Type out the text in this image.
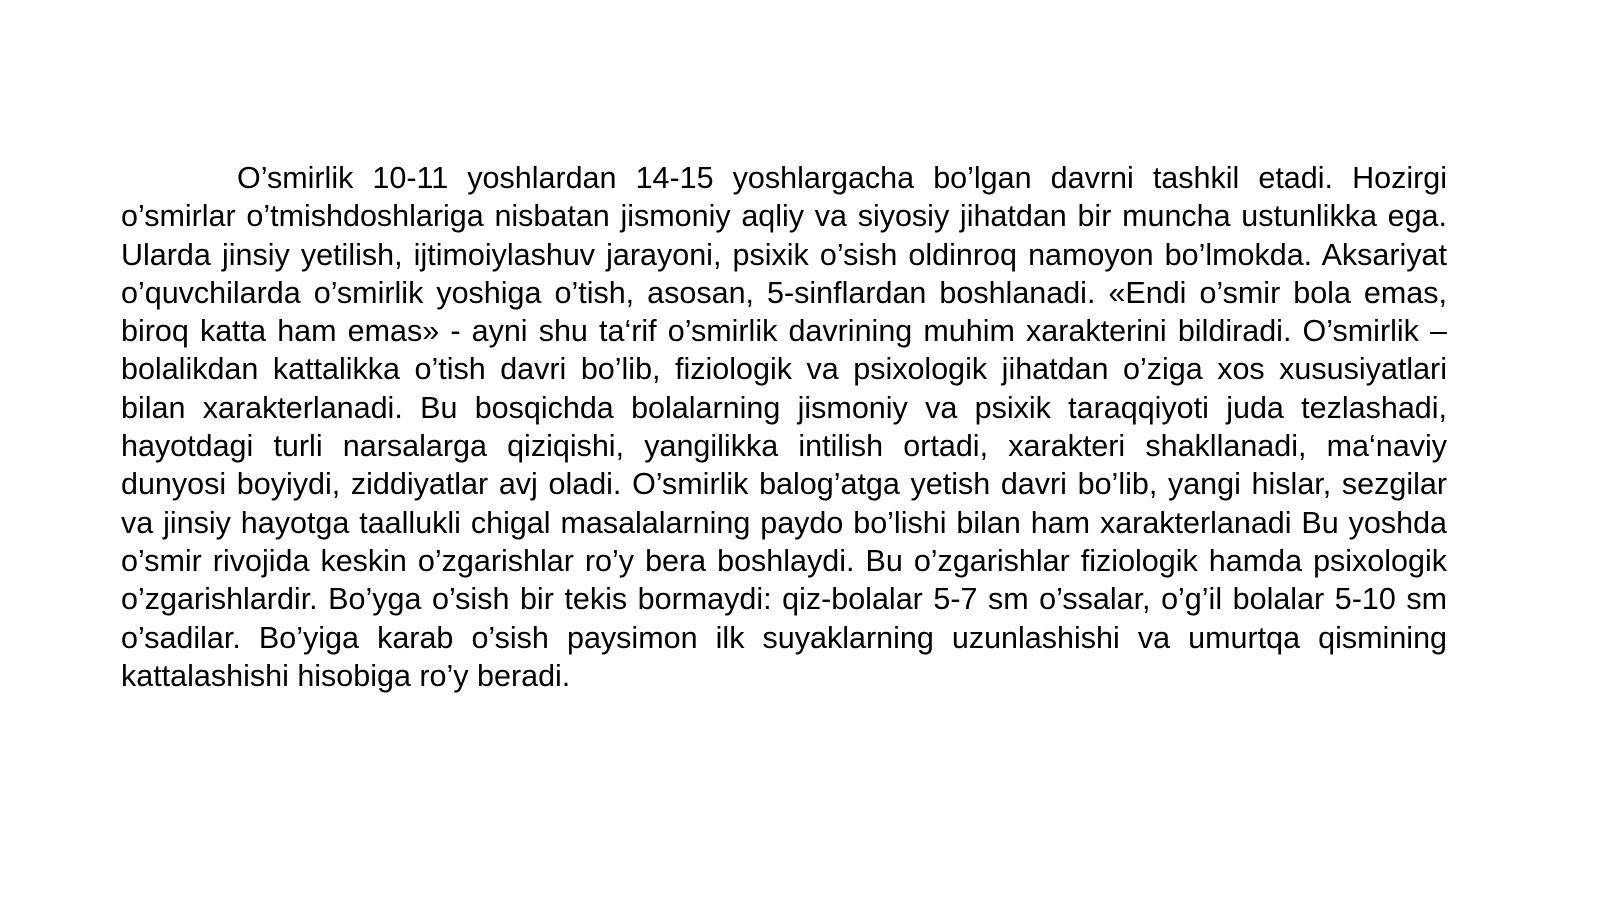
O’smirlik 10-11 yoshlardan 14-15 yoshlargacha bo’lgan davrni tashkil etadi. Hozirgi o’smirlar o’tmishdoshlariga nisbatan jismoniy aqliy va siyosiy jihatdan bir muncha ustunlikka ega. Ularda jinsiy yetilish, ijtimoiylashuv jarayoni, psixik o’sish oldinroq namoyon bo’lmokda. Aksariyat o’quvchilarda o’smirlik yoshiga o’tish, asosan, 5-sinflardan boshlanadi. «Endi o’smir bola emas, biroq katta ham emas» - ayni shu ta‘rif o’smirlik davrining muhim xarakterini bildiradi. O’smirlik – bolalikdan kattalikka o’tish davri bo’lib, fiziologik va psixologik jihatdan o’ziga xos xususiyatlari bilan xarakterlanadi. Bu bosqichda bolalarning jismoniy va psixik taraqqiyoti juda tezlashadi, hayotdagi turli narsalarga qiziqishi, yangilikka intilish ortadi, xarakteri shakllanadi, ma‘naviy dunyosi boyiydi, ziddiyatlar avj oladi. O’smirlik balog’atga yetish davri bo’lib, yangi hislar, sezgilar va jinsiy hayotga taallukli chigal masalalarning paydo bo’lishi bilan ham xarakterlanadi Bu yoshda o’smir rivojida keskin o’zgarishlar ro’y bera boshlaydi. Bu o’zgarishlar fiziologik hamda psixologik o’zgarishlardir. Bo’yga o’sish bir tekis bormaydi: qiz-bolalar 5-7 sm o’ssalar, o’g’il bolalar 5-10 sm o’sadilar. Bo’yiga karab o’sish paysimon ilk suyaklarning uzunlashishi va umurtqa qismining kattalashishi hisobiga ro’y beradi.
